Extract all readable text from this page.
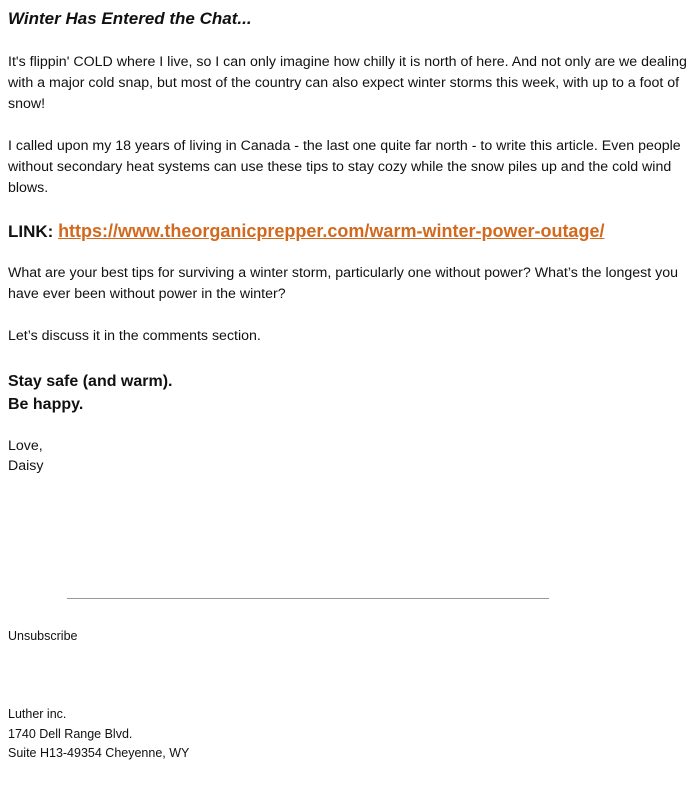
Winter Has Entered the Chat...

It's flippin' COLD where I live, so I can only imagine how chilly it is north of here. And not only are we dealing with a major cold snap, but most of the country can also expect winter storms this week, with up to a foot of snow!

I called upon my 18 years of living in Canada - the last one quite far north - to write this article. Even people without secondary heat systems can use these tips to stay cozy while the snow piles up and the cold wind blows.

LINK: https://www.theorganicprepper.com/warm-winter-power-outage/

What are your best tips for surviving a winter storm, particularly one without power? What’s the longest you have ever been without power in the winter?

Let’s discuss it in the comments section.

Stay safe (and warm).
Be happy.

Love,
Daisy

Unsubscribe

Luther inc.
1740 Dell Range Blvd.
Suite H13-49354 Cheyenne, WY
